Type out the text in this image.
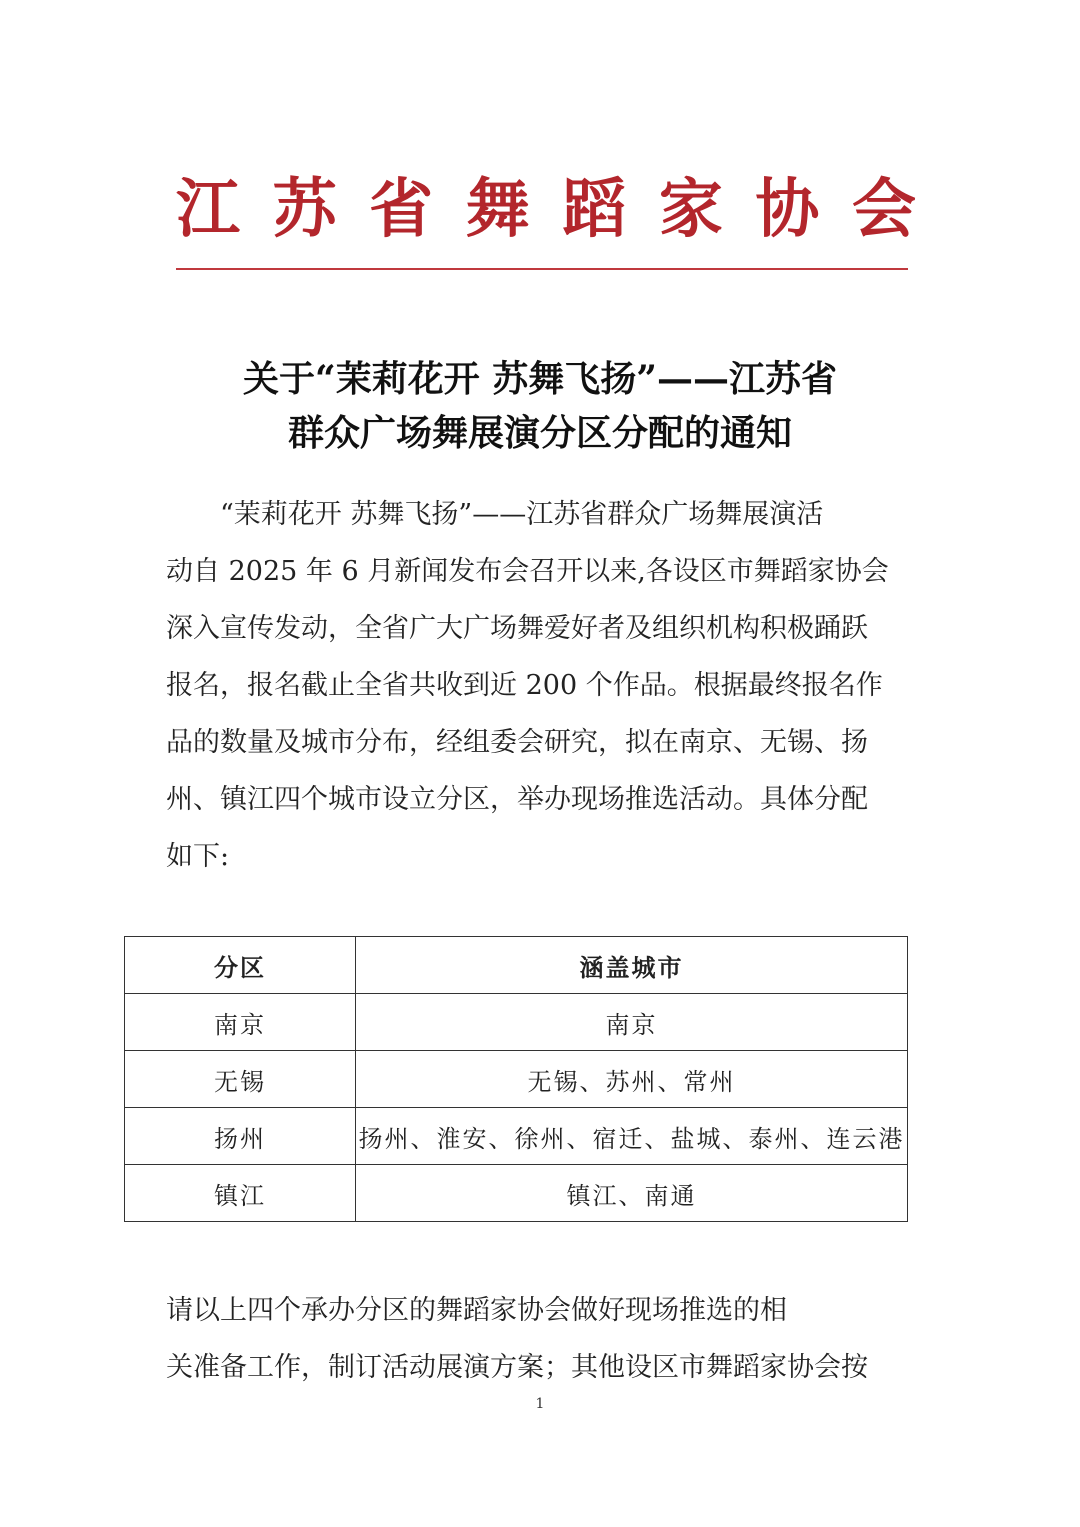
江 苏 省 舞 蹈 家 协 会
关于“茉莉花开 苏舞飞扬”——江苏省
群众广场舞展演分区分配的通知
“茉莉花开 苏舞飞扬”——江苏省群众广场舞展演活
动自 2025 年 6 月新闻发布会召开以来,各设区市舞蹈家协会
深入宣传发动，全省广大广场舞爱好者及组织机构积极踊跃
报名，报名截止全省共收到近 200 个作品。根据最终报名作
品的数量及城市分布，经组委会研究，拟在南京、无锡、扬
州、镇江四个城市设立分区，举办现场推选活动。具体分配
如下:
分区	涵盖城市
南京	南京
无锡	无锡、苏州、常州
扬州	扬州、淮安、徐州、宿迁、盐城、泰州、连云港
镇江	镇江、南通
请以上四个承办分区的舞蹈家协会做好现场推选的相
关准备工作，制订活动展演方案；其他设区市舞蹈家协会按
1
